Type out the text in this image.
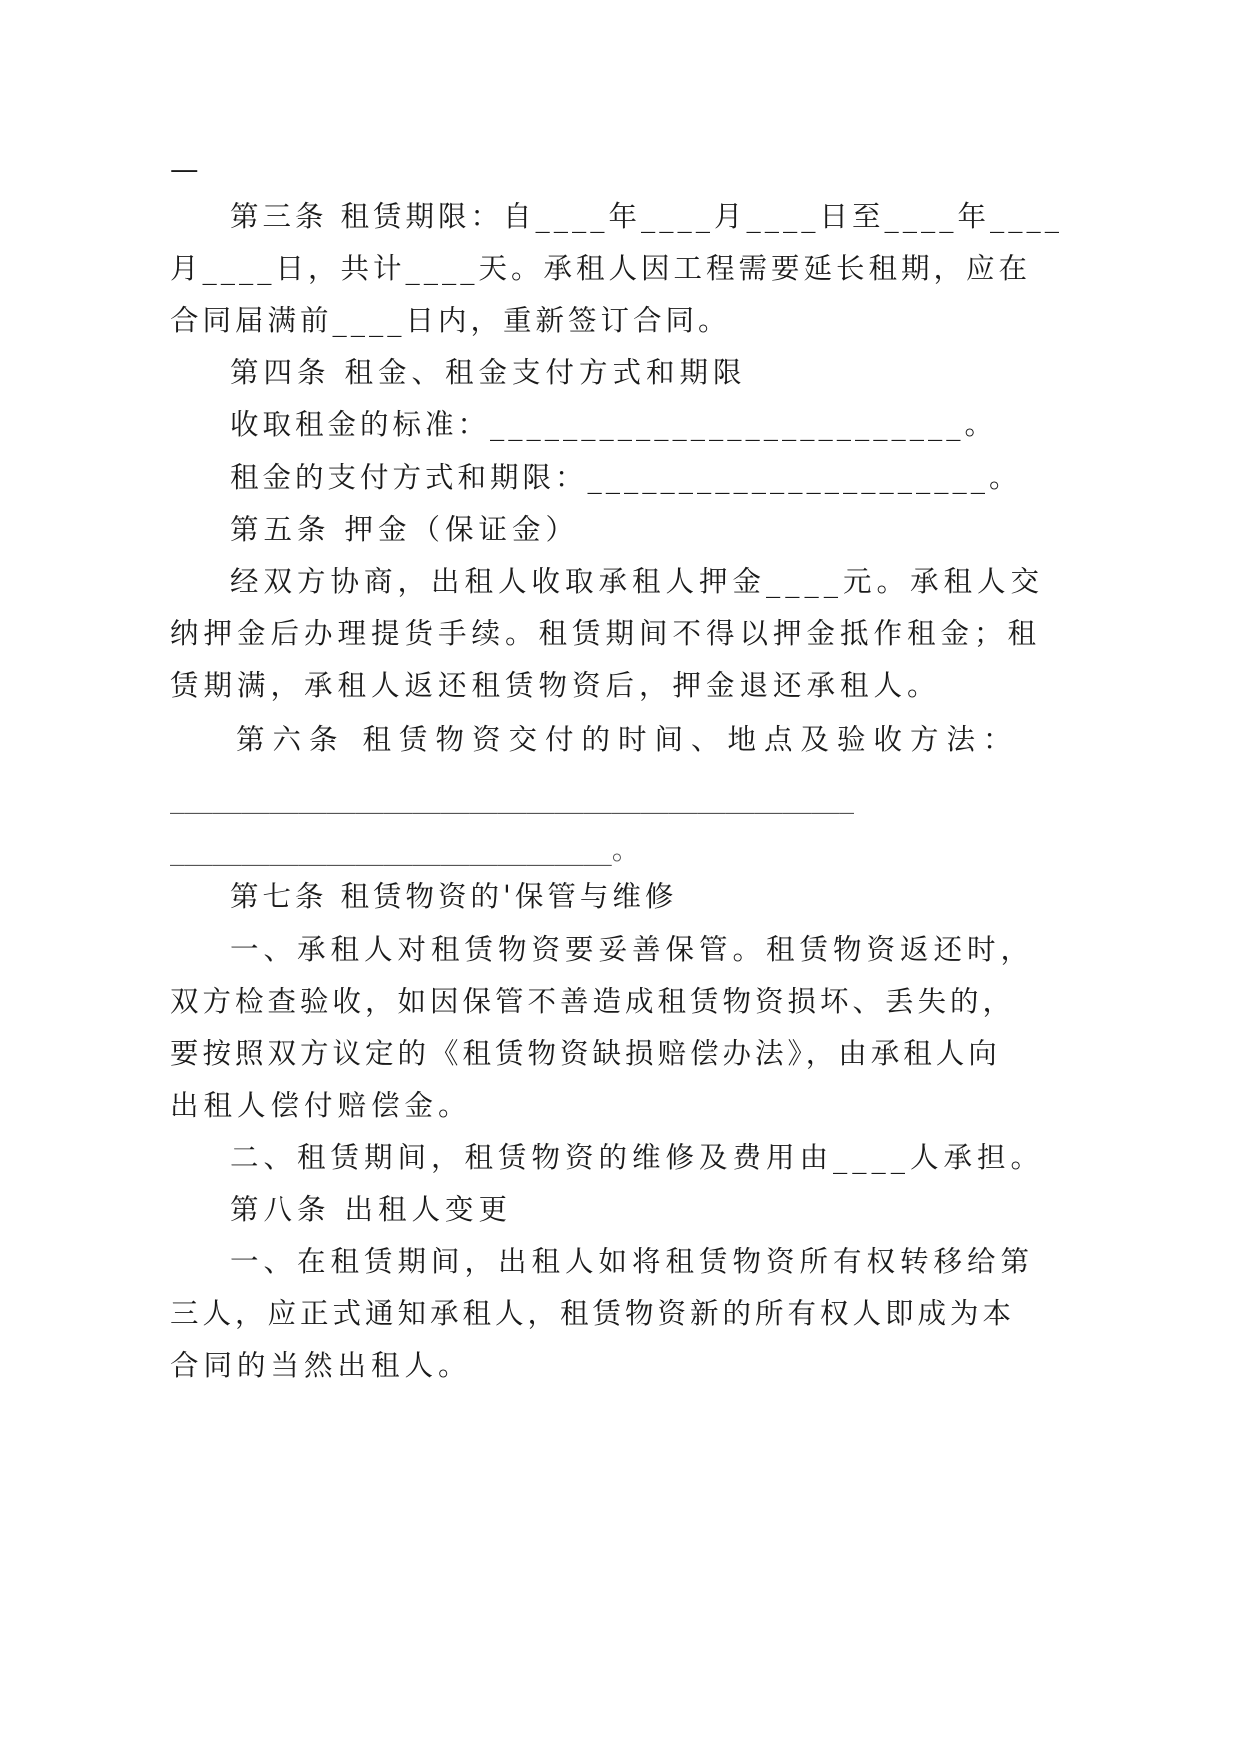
—
第三条 租赁期限：自____年____月____日至____年____
月____日，共计____天。承租人因工程需要延长租期，应在
合同届满前____日内，重新签订合同。
第四条 租金、租金支付方式和期限
收取租金的标准：__________________________。
租金的支付方式和期限：______________________。
第五条 押金（保证金）
经双方协商，出租人收取承租人押金____元。承租人交
纳押金后办理提货手续。租赁期间不得以押金抵作租金；租
赁期满，承租人返还租赁物资后，押金退还承租人。
第六条 租赁物资交付的时间、地点及验收方法：
________________________________________________
_______________________________。
第七条 租赁物资的'保管与维修
一、承租人对租赁物资要妥善保管。租赁物资返还时，
双方检查验收，如因保管不善造成租赁物资损坏、丢失的，
要按照双方议定的《租赁物资缺损赔偿办法》，由承租人向
出租人偿付赔偿金。
二、租赁期间，租赁物资的维修及费用由____人承担。
第八条 出租人变更
一、在租赁期间，出租人如将租赁物资所有权转移给第
三人，应正式通知承租人，租赁物资新的所有权人即成为本
合同的当然出租人。
